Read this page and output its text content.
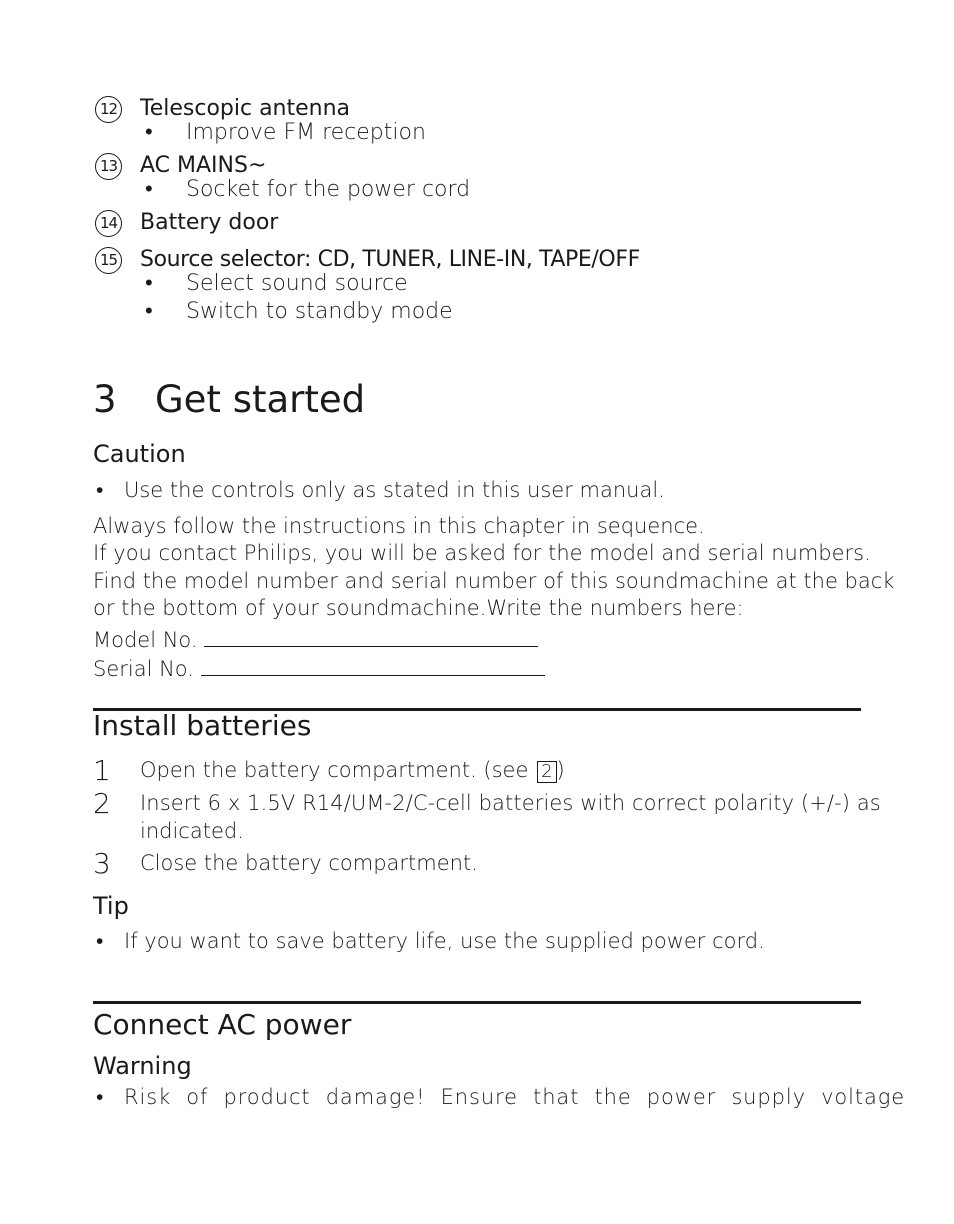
12 Telescopic antenna
• Improve FM reception
13 AC MAINS~
• Socket for the power cord
14 Battery door
15 Source selector: CD, TUNER, LINE-IN, TAPE/OFF
• Select sound source
• Switch to standby mode
3 Get started
Caution
• Use the controls only as stated in this user manual.
Always follow the instructions in this chapter in sequence.
If you contact Philips, you will be asked for the model and serial numbers.
Find the model number and serial number of this soundmachine at the back
or the bottom of your soundmachine.Write the numbers here:
Model No.
Serial No.
Install batteries
1 Open the battery compartment. (see 2 )
2 Insert 6 x 1.5V R14/UM-2/C-cell batteries with correct polarity (+/-) as
indicated.
3 Close the battery compartment.
Tip
• If you want to save battery life, use the supplied power cord.
Connect AC power
Warning
• Risk  of  product  damage!  Ensure  that  the  power  supply  voltage
